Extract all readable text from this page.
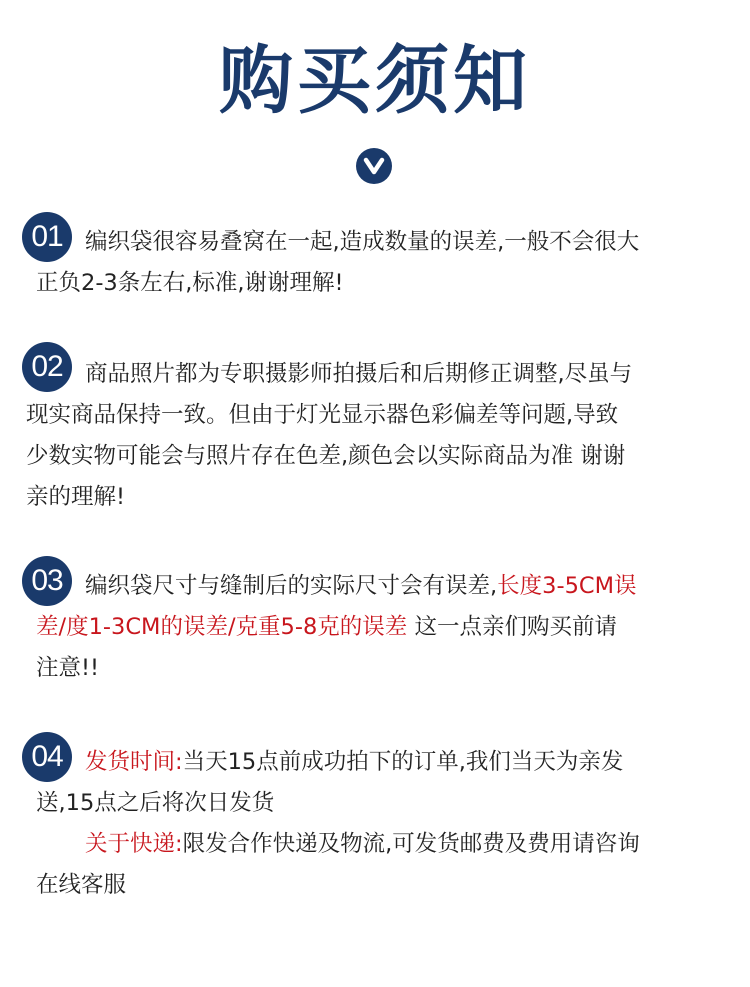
购买须知
01 编织袋很容易叠窝在一起,造成数量的误差,一般不会很大
正负2-3条左右,标准,谢谢理解!
02 商品照片都为专职摄影师拍摄后和后期修正调整,尽虽与
现实商品保持一致。但由于灯光显示器色彩偏差等问题,导致
少数实物可能会与照片存在色差,颜色会以实际商品为准 谢谢
亲的理解!
03 编织袋尺寸与缝制后的实际尺寸会有误差,长度3-5CM误
差/度1-3CM的误差/克重5-8克的误差 这一点亲们购买前请
注意!!
04 发货时间:当天15点前成功拍下的订单,我们当天为亲发
送,15点之后将次日发货
关于快递:限发合作快递及物流,可发货邮费及费用请咨询
在线客服
